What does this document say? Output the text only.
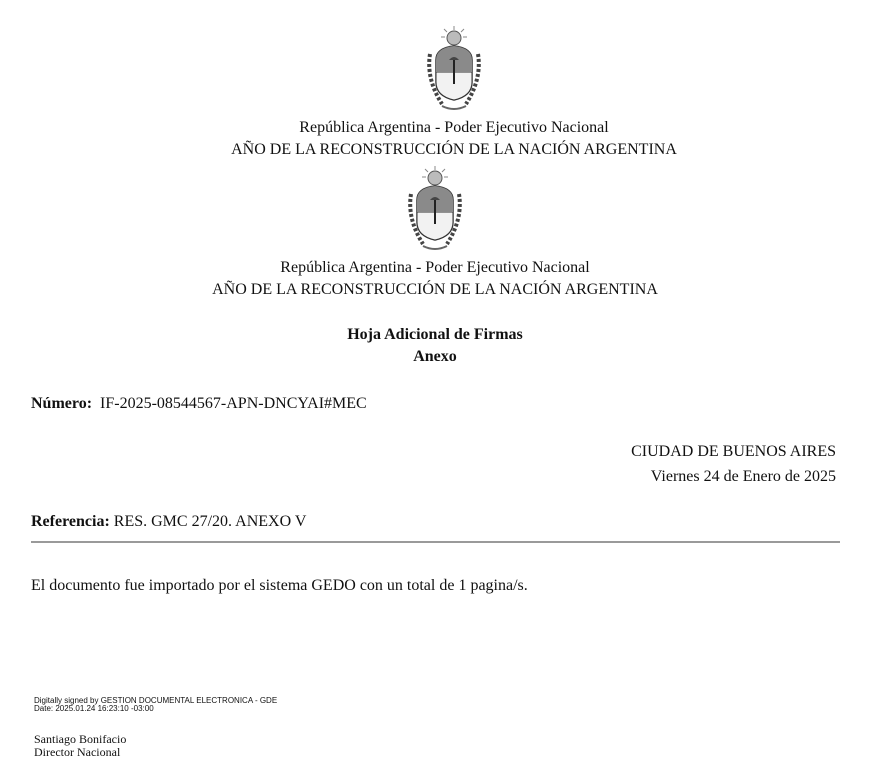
República Argentina - Poder Ejecutivo Nacional
AÑO DE LA RECONSTRUCCIÓN DE LA NACIÓN ARGENTINA
República Argentina - Poder Ejecutivo Nacional
AÑO DE LA RECONSTRUCCIÓN DE LA NACIÓN ARGENTINA
Hoja Adicional de Firmas
Anexo
Número: IF-2025-08544567-APN-DNCYAI#MEC
CIUDAD DE BUENOS AIRES
Viernes 24 de Enero de 2025
Referencia: RES. GMC 27/20. ANEXO V
El documento fue importado por el sistema GEDO con un total de 1 pagina/s.
Digitally signed by GESTION DOCUMENTAL ELECTRONICA - GDE
Date: 2025.01.24 16:23:10 -03:00
Santiago Bonifacio
Director Nacional
